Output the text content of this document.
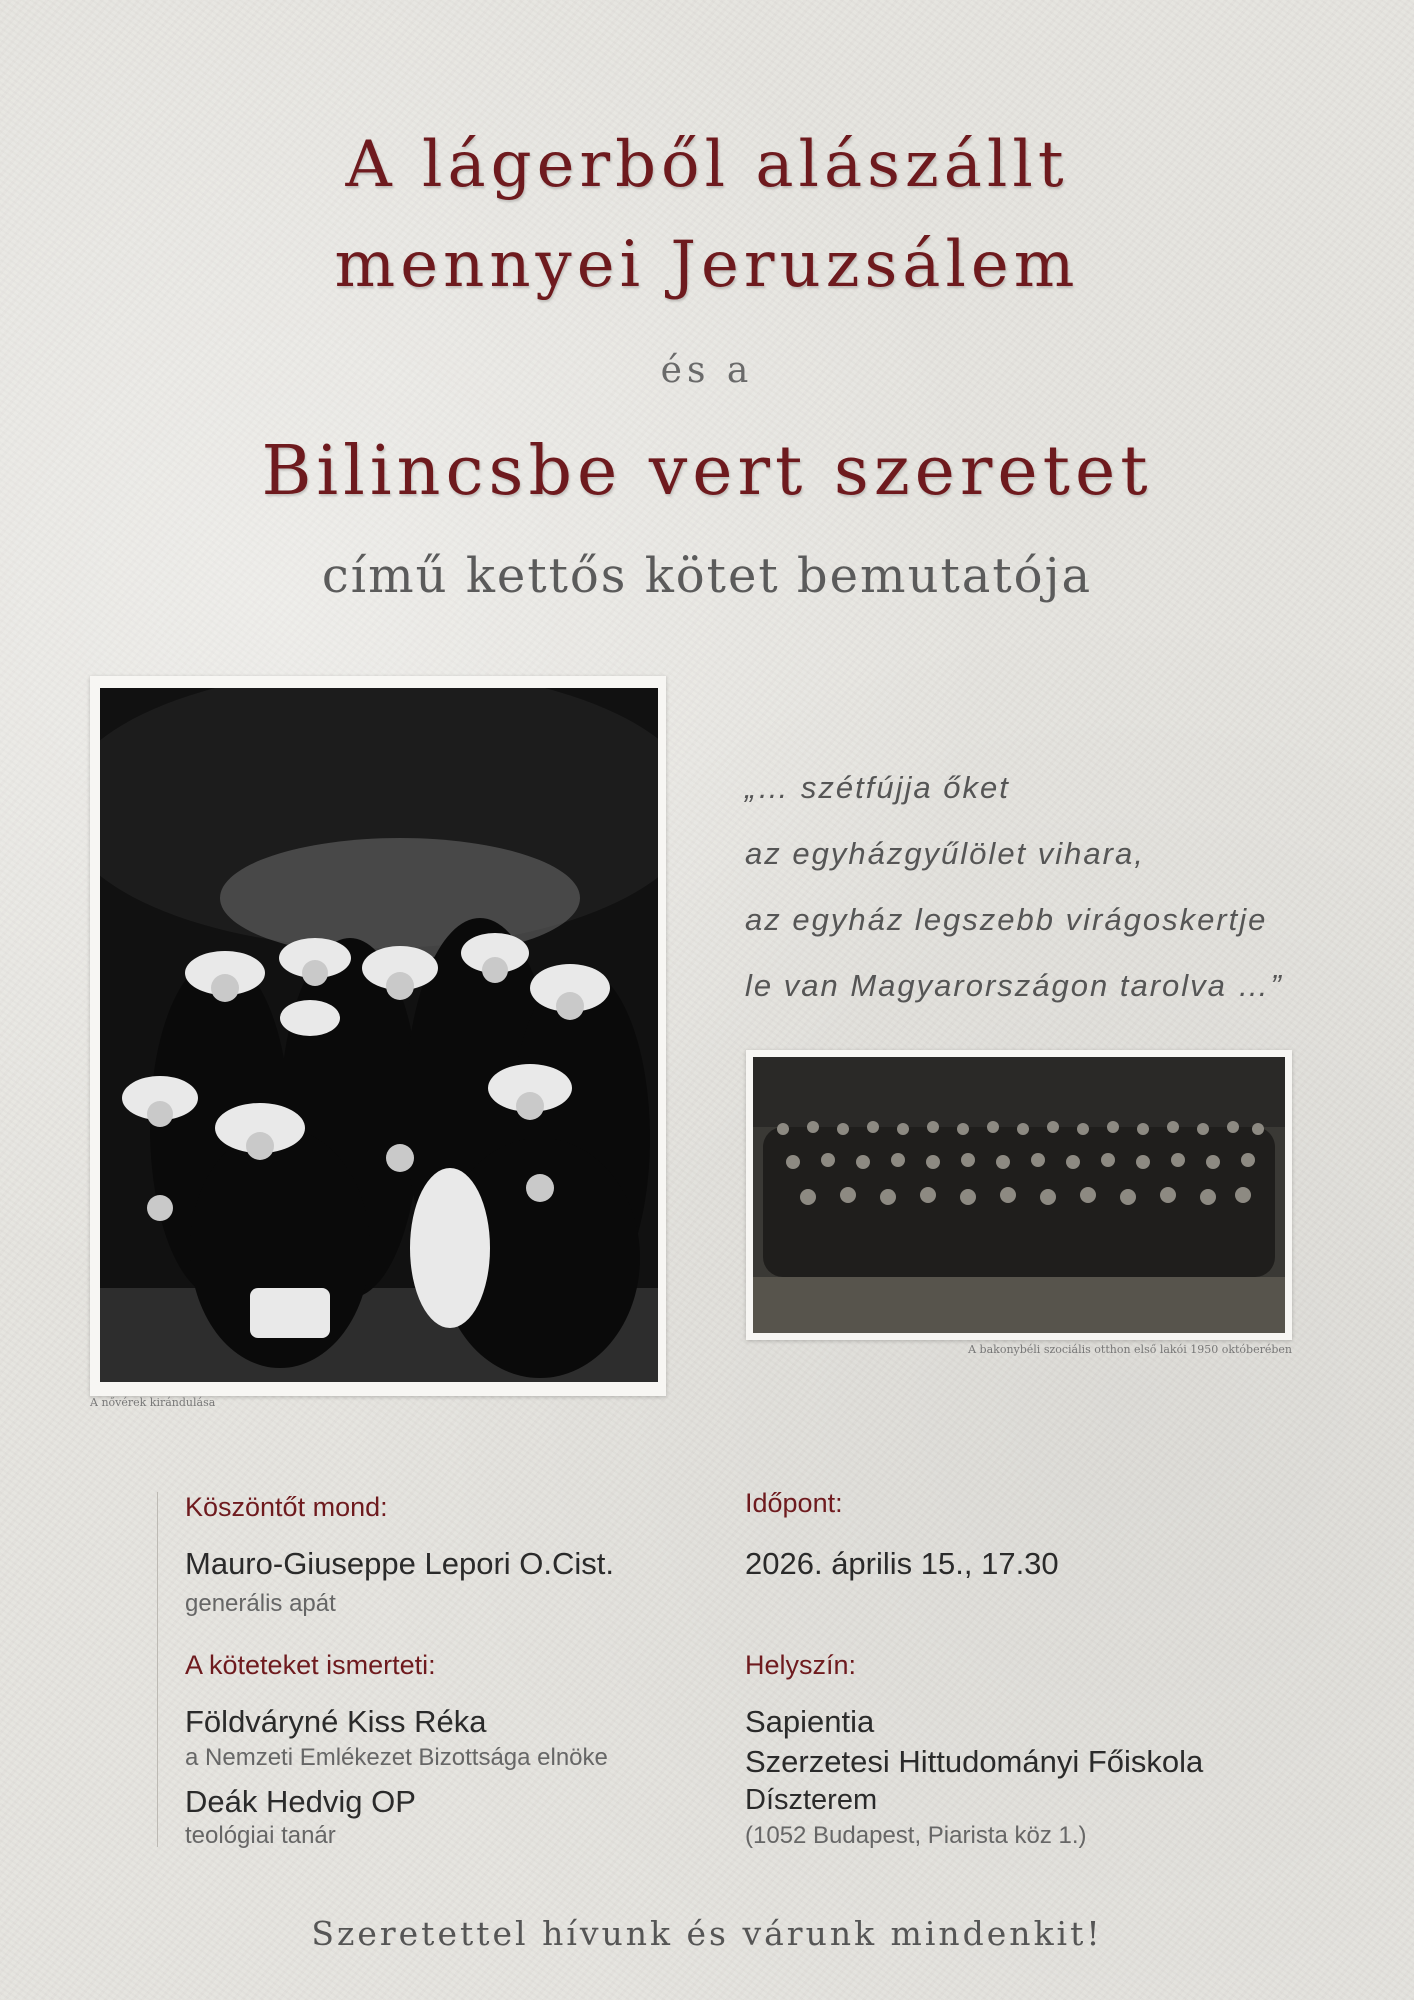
A lágerből alászállt
mennyei Jeruzsálem
és a
Bilincsbe vert szeretet
című kettős kötet bemutatója
A nővérek kirándulása
„… szétfújja őket
az egyházgyűlölet vihara,
az egyház legszebb virágoskertje
le van Magyarországon tarolva …”
A bakonybéli szociális otthon első lakói 1950 októberében
Köszöntőt mond:
Mauro-Giuseppe Lepori O.Cist.
generális apát
A köteteket ismerteti:
Földváryné Kiss Réka
a Nemzeti Emlékezet Bizottsága elnöke
Deák Hedvig OP
teológiai tanár
Időpont:
2026. április 15., 17.30
Helyszín:
Sapientia
Szerzetesi Hittudományi Főiskola
Díszterem
(1052 Budapest, Piarista köz 1.)
Szeretettel hívunk és várunk mindenkit!
